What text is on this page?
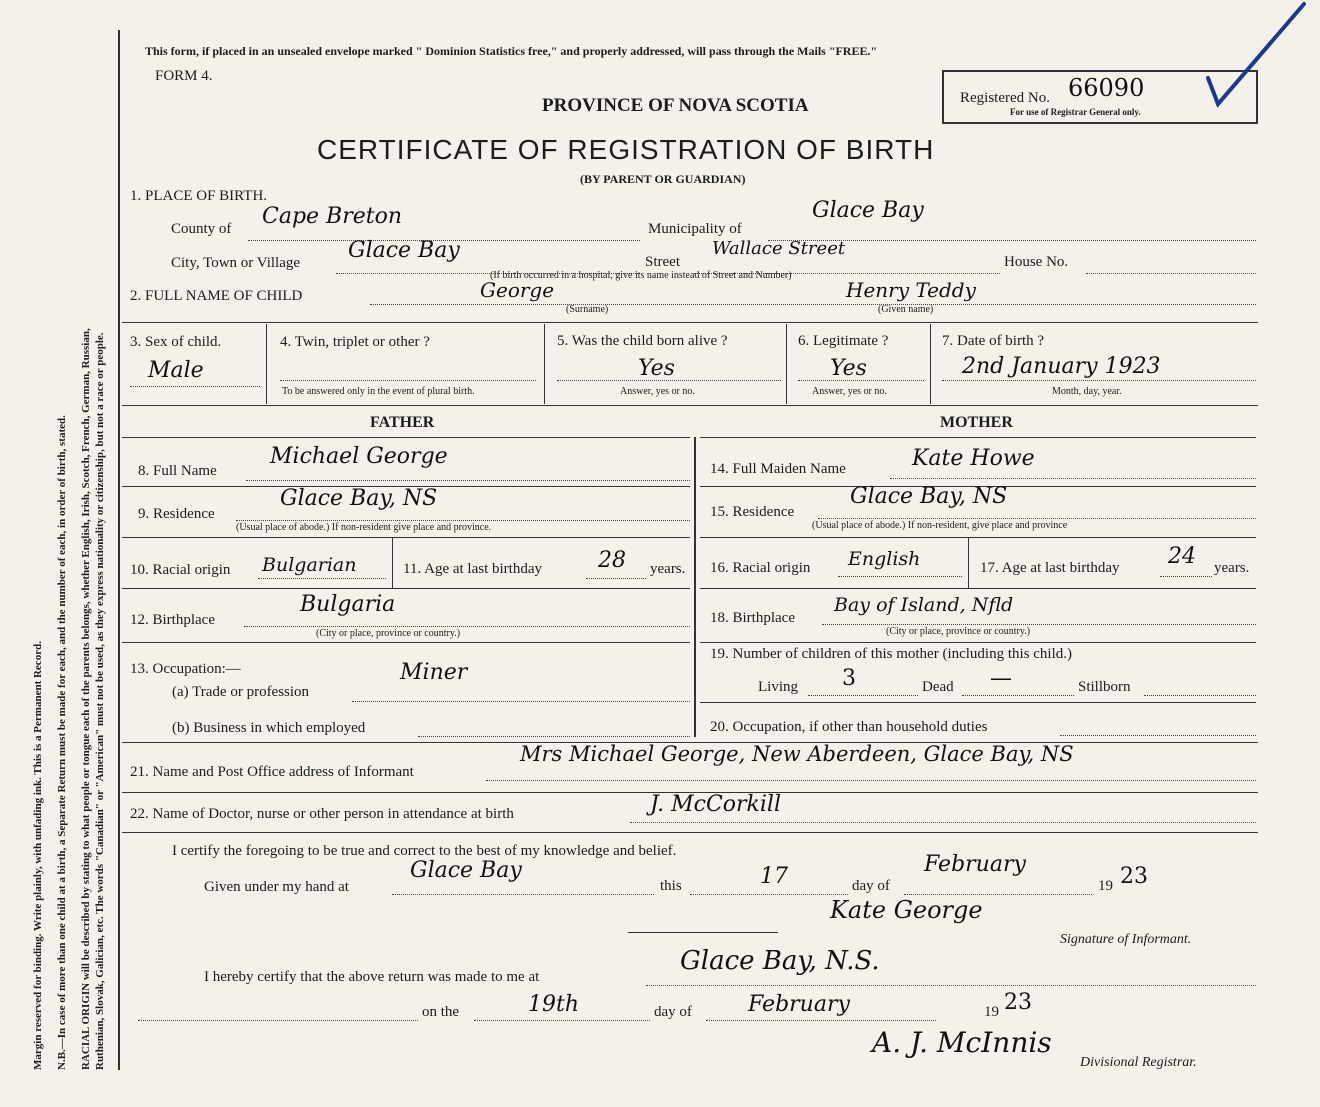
Margin reserved for binding. Write plainly, with unfading ink. This is a Permanent Record. N.B.—In case of more than one child at a birth, a Separate Return must be made for each, and the number of each, in order of birth, stated. RACIAL ORIGIN will be described by stating to what people or tongue each of the parents belongs, whether English, Irish, Scotch, French, German, Russian, Ruthenian, Slovak, Galician, etc. The words "Canadian" or "American" must not be used, as they express nationality or citizenship, but not a race or people.
This form, if placed in an unsealed envelope marked " Dominion Statistics free," and properly addressed, will pass through the Mails "FREE."
FORM 4.
PROVINCE OF NOVA SCOTIA
CERTIFICATE OF REGISTRATION OF BIRTH
(BY PARENT OR GUARDIAN)
Registered No. 66090
For use of Registrar General only.
1. PLACE OF BIRTH.
County of Cape Breton	Municipality of
Glace Bay
City, Town or Village Glace Bay	Street
Wallace Street
House No.
(If birth occurred in a hospital, give its name instead of Street and Number)
2. FULL NAME OF CHILD	George
(Surname)
Henry Teddy
(Given name)
3. Sex of child.
Male
4. Twin, triplet or other ?
To be answered only in the event of plural birth.
5. Was the child born alive ?
Yes
Answer, yes or no.
6. Legitimate ?
Yes
Answer, yes or no.
7. Date of birth ?
2nd January 1923
Month, day, year.
FATHER	MOTHER
8. Full Name
Michael George
9. Residence
Glace Bay, NS
(Usual place of abode.) If non-resident give place and province.
10. Racial origin Bulgarian	11. Age at last birthday	28 years.
12. Birthplace
Bulgaria
(City or place, province or country.)
13. Occupation:—
(a) Trade or profession
Miner
(b) Business in which employed
14. Full Maiden Name	Kate Howe
15. Residence
Glace Bay, NS
(Usual place of abode.) If non-resident, give place and province
16. Racial origin English	17. Age at last birthday 24 years.
18. Birthplace
Bay of Island, Nfld
(City or place, province or country.)
19. Number of children of this mother (including this child.)
Living 3	Dead —	Stillborn
20. Occupation, if other than household duties
21. Name and Post Office address of Informant
Mrs Michael George, New Aberdeen, Glace Bay, NS
22. Name of Doctor, nurse or other person in attendance at birth	J. McCorkill
I certify the foregoing to be true and correct to the best of my knowledge and belief.
Given under my hand at
Glace Bay
this	17	day of
February
19 23
Kate George
Signature of Informant.
I hereby certify that the above return was made to me at
Glace Bay, N.S.
on the	19th	day of	February	19 23
A. J. McInnis
Divisional Registrar.
